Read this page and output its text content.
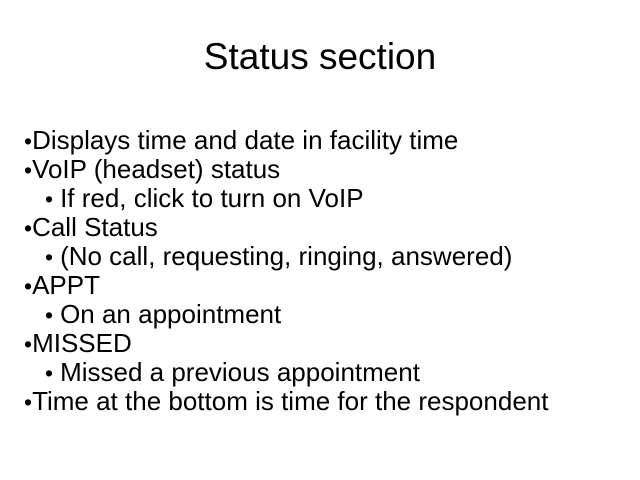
Status section
• Displays time and date in facility time
• VoIP (headset) status
• If red, click to turn on VoIP
• Call Status
• (No call, requesting, ringing, answered)
• APPT
• On an appointment
• MISSED
• Missed a previous appointment
• Time at the bottom is time for the respondent
